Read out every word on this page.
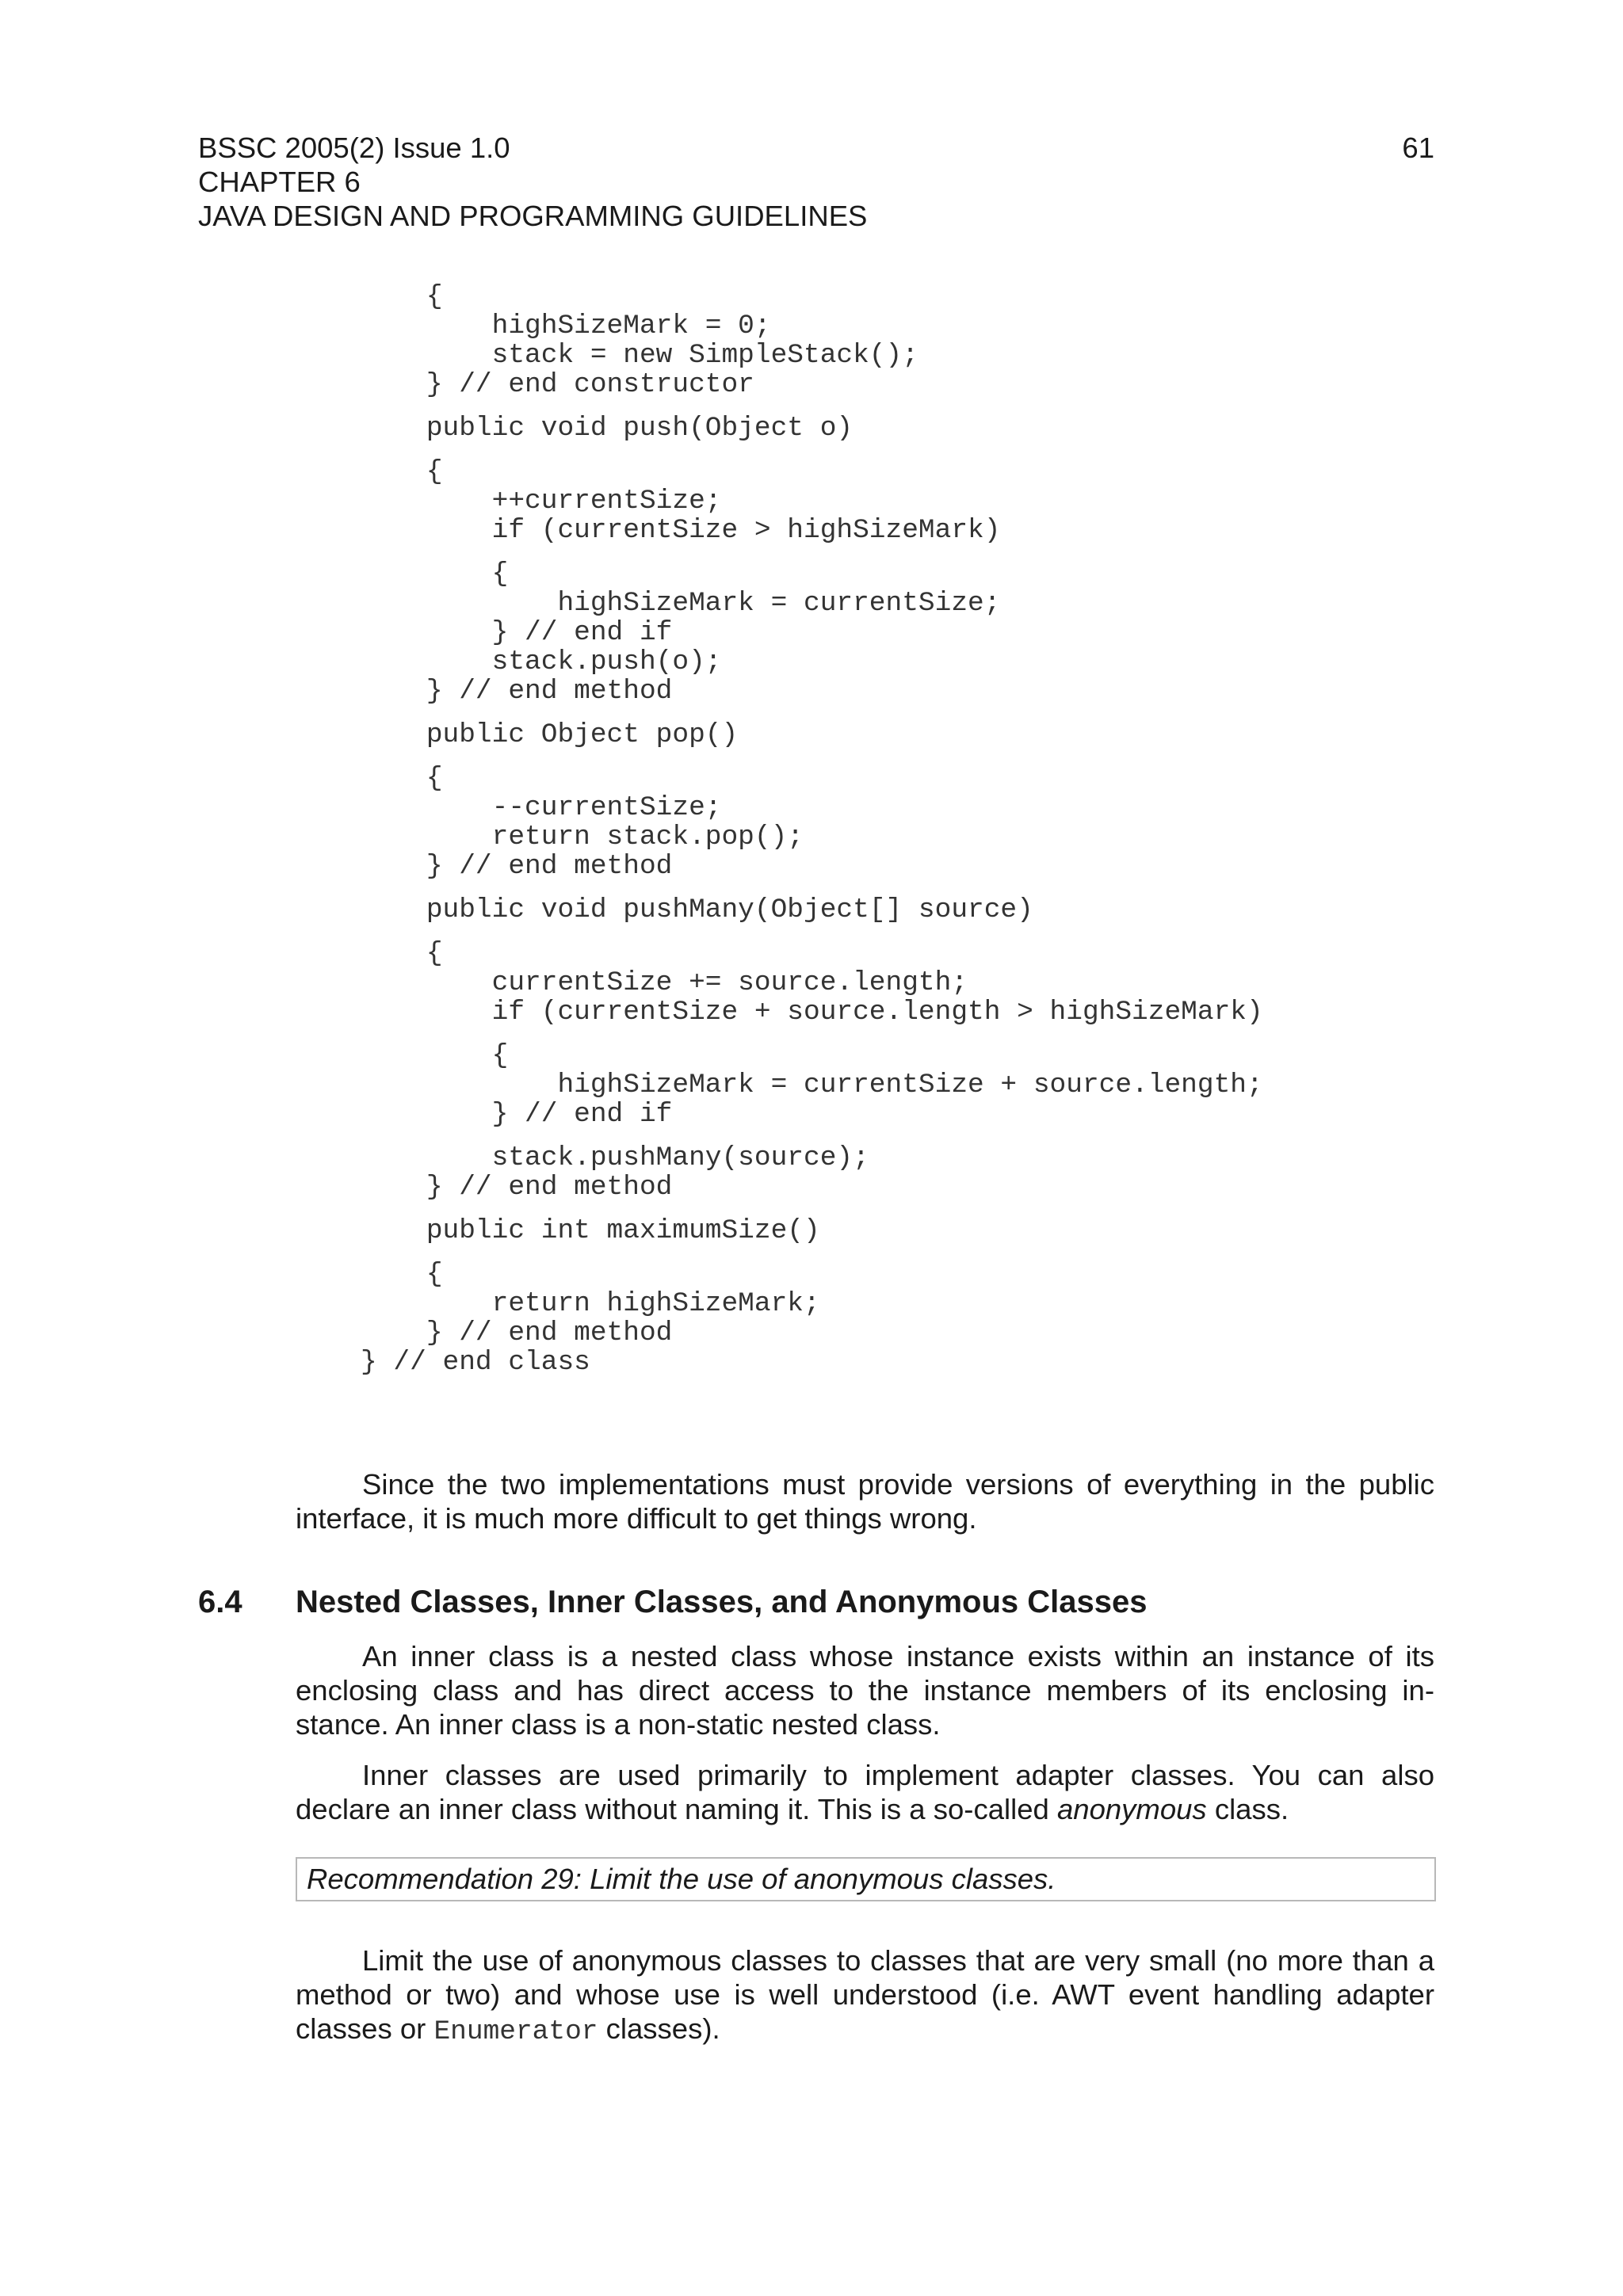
BSSC 2005(2) Issue 1.0
CHAPTER 6
JAVA DESIGN AND PROGRAMMING GUIDELINES
61
{
highSizeMark = 0;
stack = new SimpleStack();
} // end constructor
public void push(Object o)
{
++currentSize;
if (currentSize > highSizeMark)
{
highSizeMark = currentSize;
} // end if
stack.push(o);
} // end method
public Object pop()
{
--currentSize;
return stack.pop();
} // end method
public void pushMany(Object[] source)
{
currentSize += source.length;
if (currentSize + source.length > highSizeMark)
{
highSizeMark = currentSize + source.length;
} // end if
stack.pushMany(source);
} // end method
public int maximumSize()
{
return highSizeMark;
} // end method
} // end class

Since the two implementations must provide versions of everything in the public interface, it is much more difficult to get things wrong.

6.4 Nested Classes, Inner Classes, and Anonymous Classes

An inner class is a nested class whose instance exists within an instance of its enclosing class and has direct access to the instance members of its enclosing in-stance. An inner class is a non-static nested class.

Inner classes are used primarily to implement adapter classes. You can also declare an inner class without naming it. This is a so-called anonymous class.

Recommendation 29: Limit the use of anonymous classes.

Limit the use of anonymous classes to classes that are very small (no more than a method or two) and whose use is well understood (i.e. AWT event handling adapter classes or Enumerator classes).
